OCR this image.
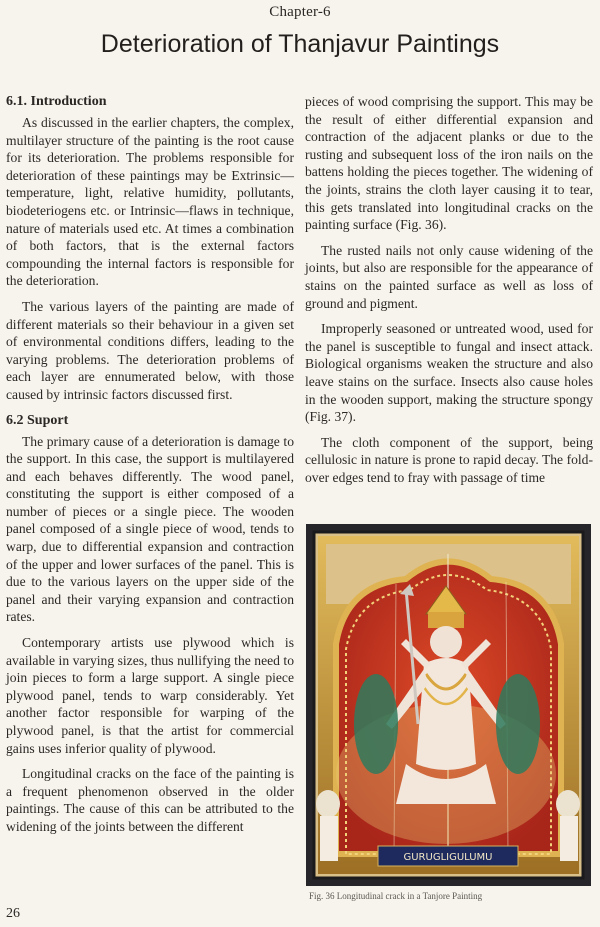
Chapter-6
Deterioration of Thanjavur Paintings
6.1. Introduction

As discussed in the earlier chapters, the complex, multilayer structure of the painting is the root cause for its deterioration. The problems responsible for deterioration of these paintings may be Extrinsic—temperature, light, relative humidity, pollutants, biodeteriogens etc. or Intrinsic—flaws in technique, nature of materials used etc. At times a combination of both factors, that is the external factors compounding the internal factors is responsible for the deterioration.

The various layers of the painting are made of different materials so their behaviour in a given set of environmental conditions differs, leading to the varying problems. The deterioration problems of each layer are ennumerated below, with those caused by intrinsic factors discussed first.

6.2 Suport

The primary cause of a deterioration is damage to the support. In this case, the support is multilayered and each behaves differently. The wood panel, constituting the support is either composed of a number of pieces or a single piece. The wooden panel composed of a single piece of wood, tends to warp, due to differential expansion and contraction of the upper and lower surfaces of the panel. This is due to the various layers on the upper side of the panel and their varying expansion and contraction rates.

Contemporary artists use plywood which is available in varying sizes, thus nullifying the need to join pieces to form a large support. A single piece plywood panel, tends to warp considerably. Yet another factor responsible for warping of the plywood panel, is that the artist for commercial gains uses inferior quality of plywood.

Longitudinal cracks on the face of the painting is a frequent phenomenon observed in the older paintings. The cause of this can be attributed to the widening of the joints between the different

pieces of wood comprising the support. This may be the result of either differential expansion and contraction of the adjacent planks or due to the rusting and subsequent loss of the iron nails on the battens holding the pieces together. The widening of the joints, strains the cloth layer causing it to tear, this gets translated into longitudinal cracks on the painting surface (Fig. 36).

The rusted nails not only cause widening of the joints, but also are responsible for the appearance of stains on the painted surface as well as loss of ground and pigment.

Improperly seasoned or untreated wood, used for the panel is susceptible to fungal and insect attack. Biological organisms weaken the structure and also leave stains on the surface. Insects also cause holes in the wooden support, making the structure spongy (Fig. 37).

The cloth component of the support, being cellulosic in nature is prone to rapid decay. The fold-over edges tend to fray with passage of time

GURUGLIGULUMU
Fig. 36 Longitudinal crack in a Tanjore Painting
26
